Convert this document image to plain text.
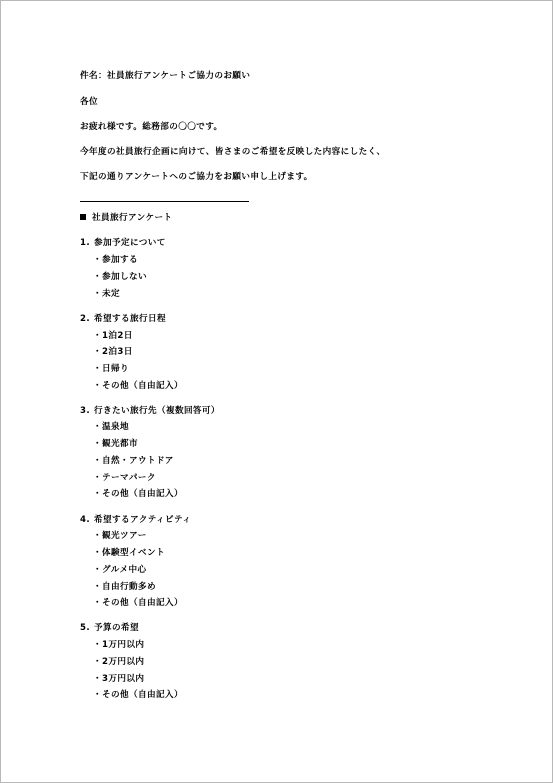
件名：社員旅行アンケートご協力のお願い
各位
お疲れ様です。総務部の〇〇です。
今年度の社員旅行企画に向けて、皆さまのご希望を反映した内容にしたく、
下記の通りアンケートへのご協力をお願い申し上げます。
社員旅行アンケート
1. 参加予定について
・参加する
・参加しない
・未定
2. 希望する旅行日程
・1泊2日
・2泊3日
・日帰り
・その他（自由記入）
3. 行きたい旅行先（複数回答可）
・温泉地
・観光都市
・自然・アウトドア
・テーマパーク
・その他（自由記入）
4. 希望するアクティビティ
・観光ツアー
・体験型イベント
・グルメ中心
・自由行動多め
・その他（自由記入）
5. 予算の希望
・1万円以内
・2万円以内
・3万円以内
・その他（自由記入）
